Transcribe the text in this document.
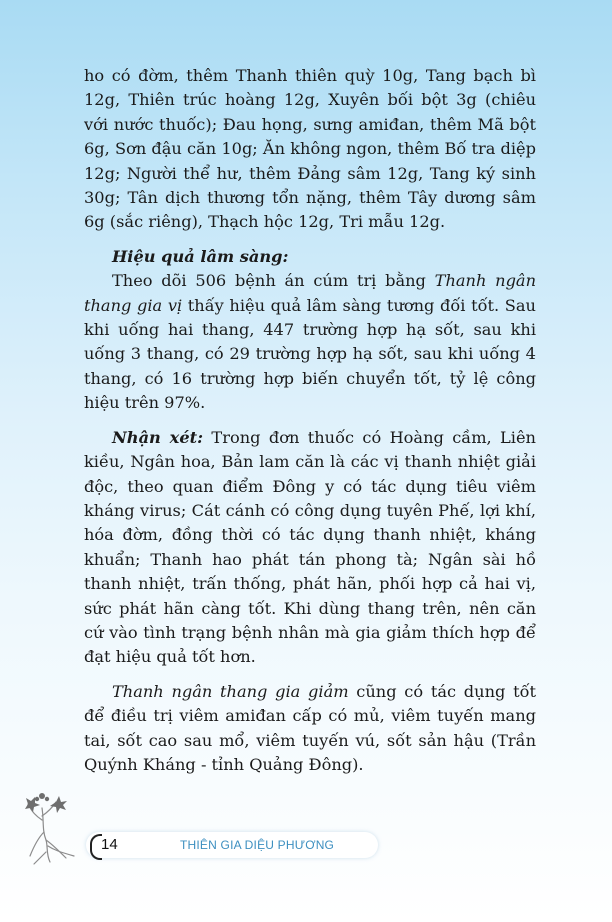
ho có đờm, thêm Thanh thiên quỳ 10g, Tang bạch bì 12g, Thiên trúc hoàng 12g, Xuyên bối bột 3g (chiêu với nước thuốc); Đau họng, sưng amiđan, thêm Mã bột 6g, Sơn đậu căn 10g; Ăn không ngon, thêm Bố tra diệp 12g; Người thể hư, thêm Đảng sâm 12g, Tang ký sinh 30g; Tân dịch thương tổn nặng, thêm Tây dương sâm 6g (sắc riêng), Thạch hộc 12g, Tri mẫu 12g.

Hiệu quả lâm sàng:

Theo dõi 506 bệnh án cúm trị bằng Thanh ngân thang gia vị thấy hiệu quả lâm sàng tương đối tốt. Sau khi uống hai thang, 447 trường hợp hạ sốt, sau khi uống 3 thang, có 29 trường hợp hạ sốt, sau khi uống 4 thang, có 16 trường hợp biến chuyển tốt, tỷ lệ công hiệu trên 97%.

Nhận xét: Trong đơn thuốc có Hoàng cầm, Liên kiều, Ngân hoa, Bản lam căn là các vị thanh nhiệt giải độc, theo quan điểm Đông y có tác dụng tiêu viêm kháng virus; Cát cánh có công dụng tuyên Phế, lợi khí, hóa đờm, đồng thời có tác dụng thanh nhiệt, kháng khuẩn; Thanh hao phát tán phong tà; Ngân sài hồ thanh nhiệt, trấn thống, phát hãn, phối hợp cả hai vị, sức phát hãn càng tốt. Khi dùng thang trên, nên căn cứ vào tình trạng bệnh nhân mà gia giảm thích hợp để đạt hiệu quả tốt hơn.

Thanh ngân thang gia giảm cũng có tác dụng tốt để điều trị viêm amiđan cấp có mủ, viêm tuyến mang tai, sốt cao sau mổ, viêm tuyến vú, sốt sản hậu (Trần Quýnh Kháng - tỉnh Quảng Đông).

14	THIÊN GIA DIỆU PHƯƠNG
